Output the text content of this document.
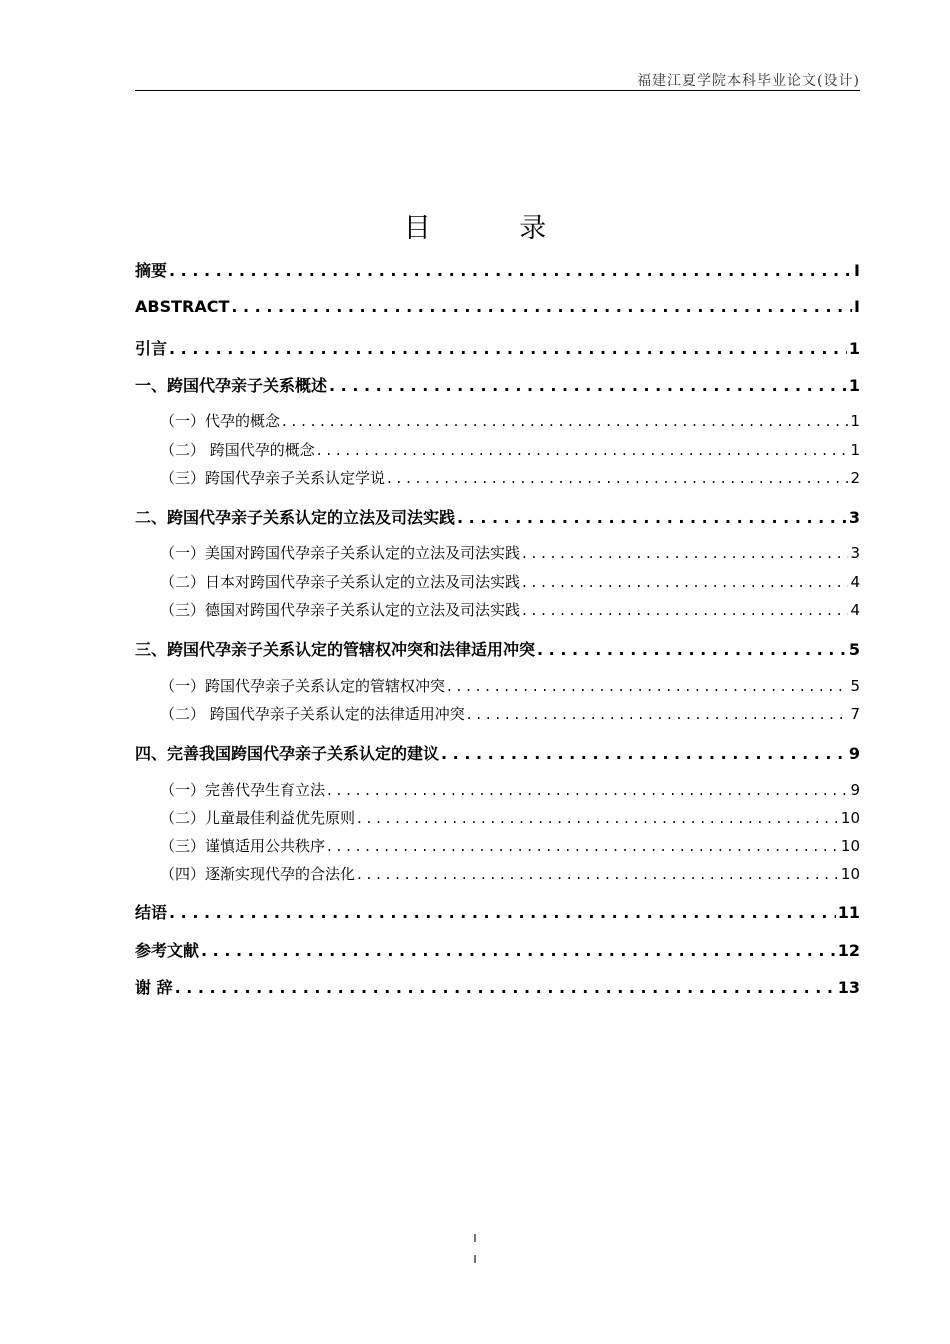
福建江夏学院本科毕业论文(设计)
目 录
摘要 . . .	I
ABSTRACT . . .	I
引言 . . .	1
一、跨国代孕亲子关系概述 . . .	1
（一）代孕的概念 . . .	1
（二） 跨国代孕的概念 . . .	1
（三）跨国代孕亲子关系认定学说 . . .	2
二、跨国代孕亲子关系认定的立法及司法实践 . . .	3
（一）美国对跨国代孕亲子关系认定的立法及司法实践 . . .	3
（二）日本对跨国代孕亲子关系认定的立法及司法实践 . . .	4
（三）德国对跨国代孕亲子关系认定的立法及司法实践 . . .	4
三、跨国代孕亲子关系认定的管辖权冲突和法律适用冲突 . . .	5
（一）跨国代孕亲子关系认定的管辖权冲突 . . .	5
（二） 跨国代孕亲子关系认定的法律适用冲突 . . .	7
四、完善我国跨国代孕亲子关系认定的建议 . . .	9
（一）完善代孕生育立法 . . .	9
（二）儿童最佳利益优先原则 . . .	10
（三）谨慎适用公共秩序 . . .	10
（四）逐渐实现代孕的合法化 . . .	10
结语 . . .	11
参考文献 . . .	12
谢 辞 . . .	13
I
I
